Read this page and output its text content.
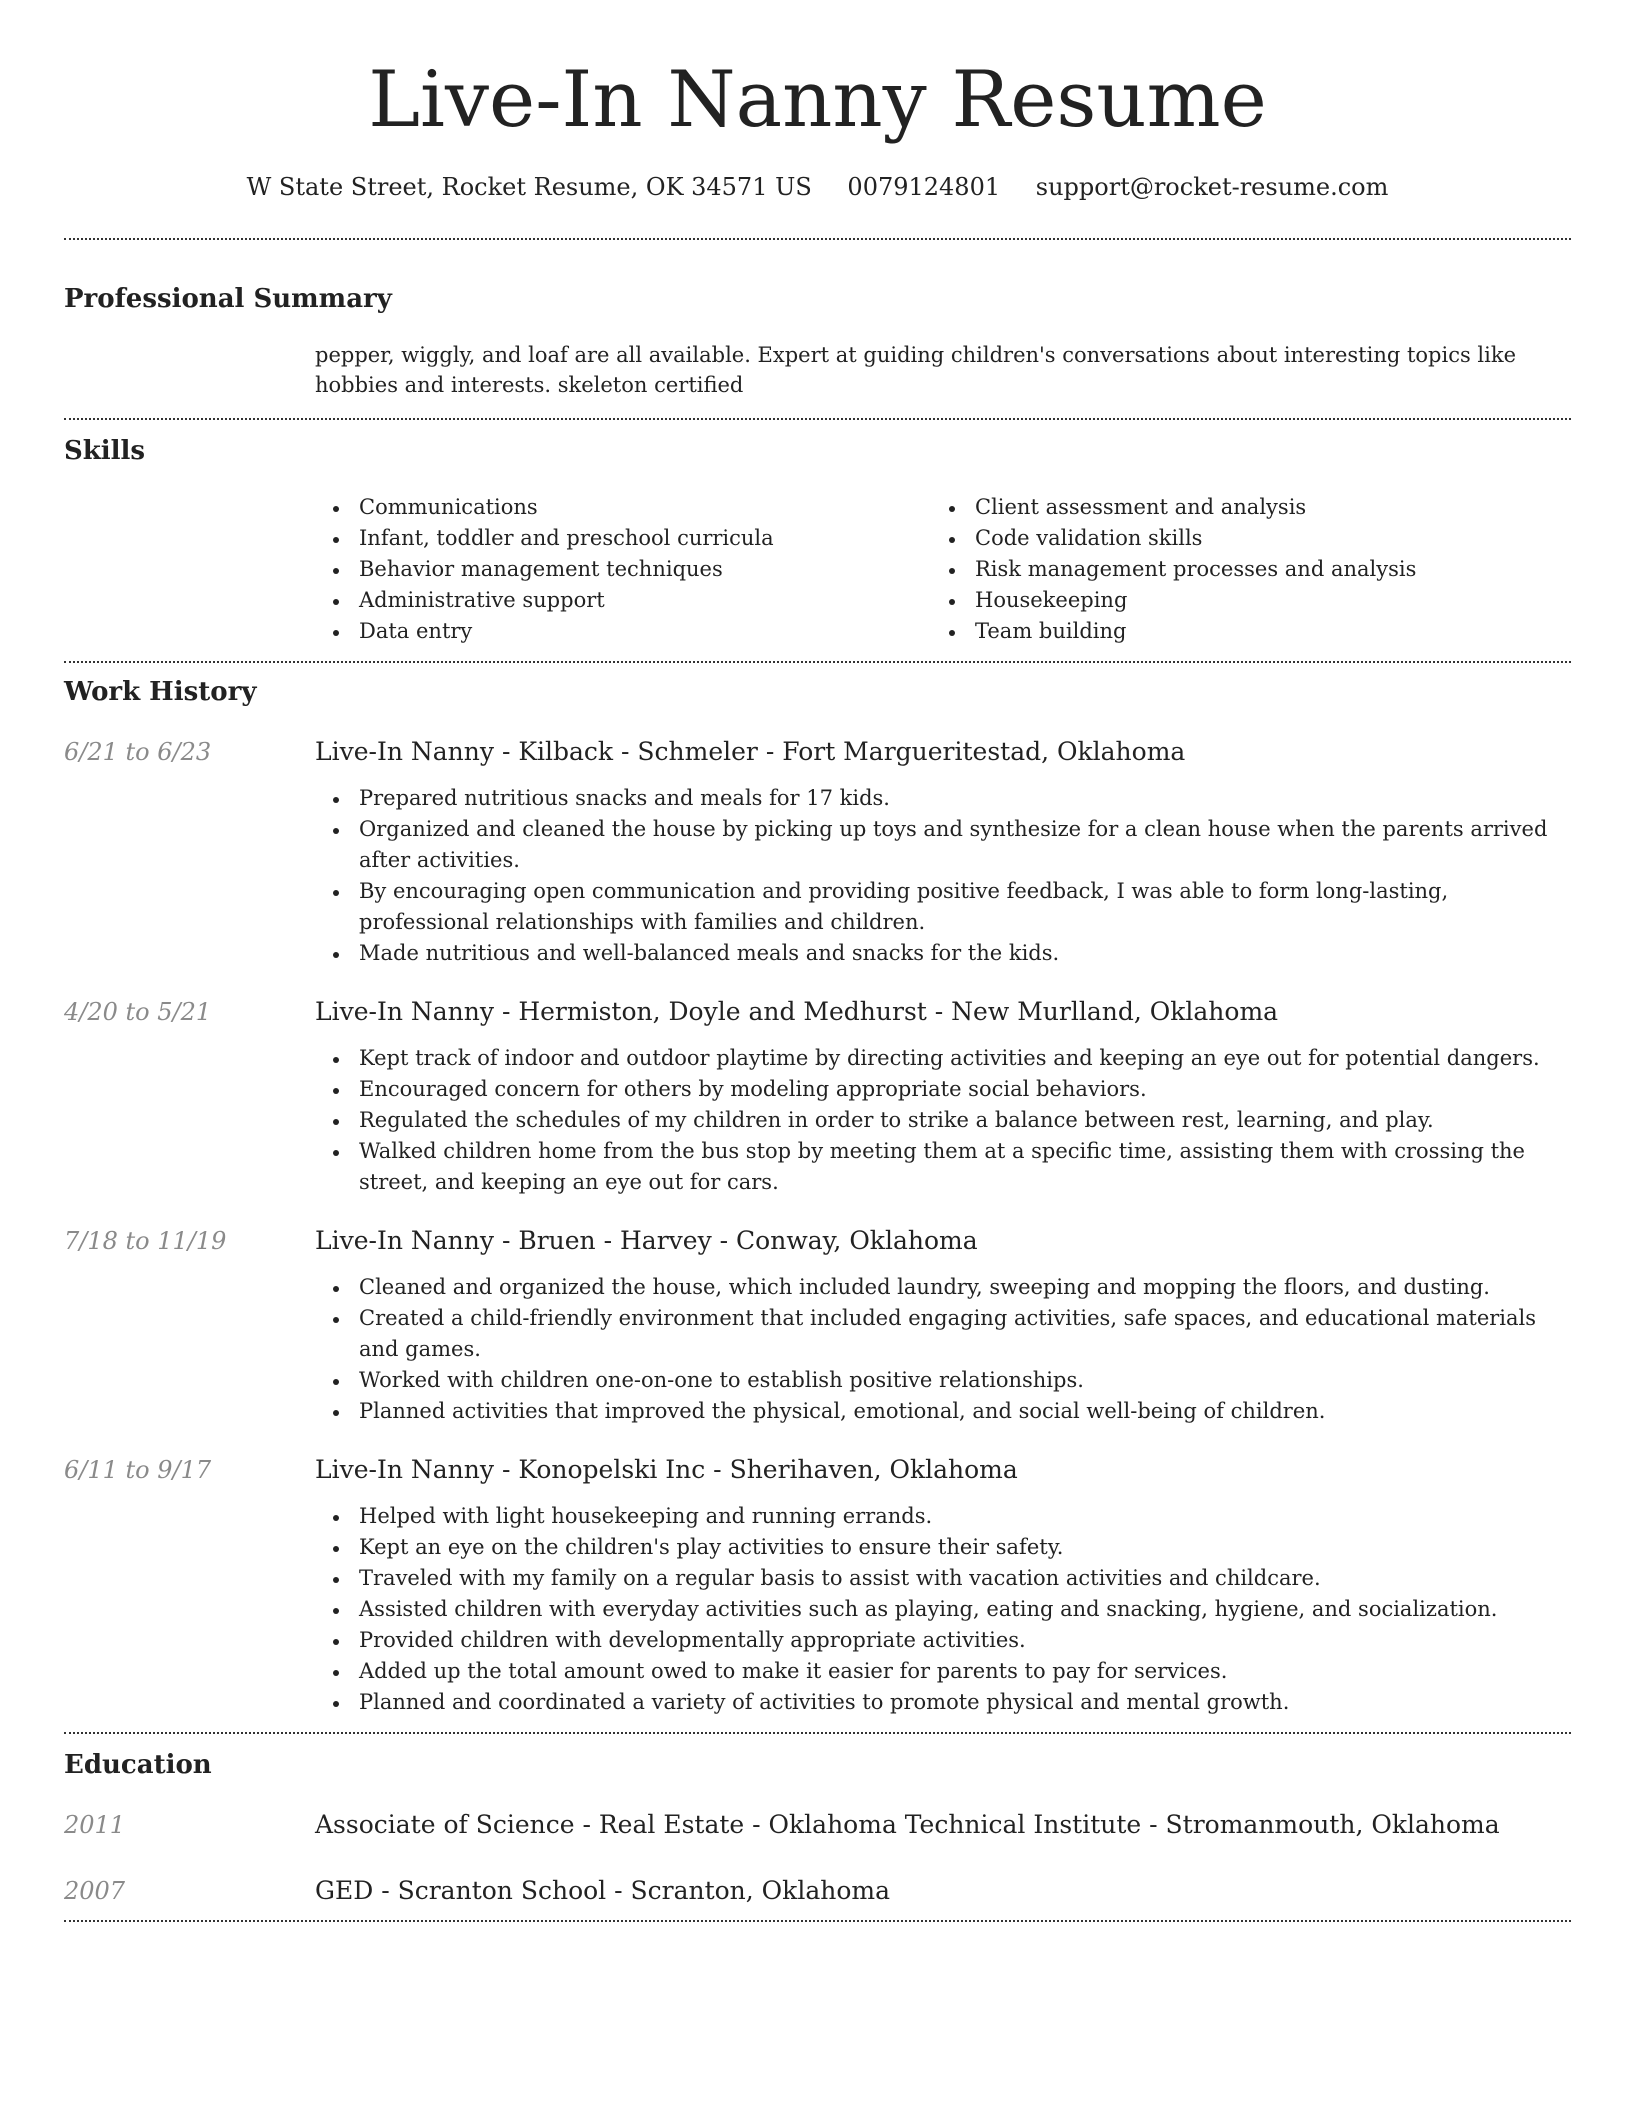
Live-In Nanny Resume
W State Street, Rocket Resume, OK 34571 US 0079124801 support@rocket-resume.com
Professional Summary

pepper, wiggly, and loaf are all available. Expert at guiding children's conversations about interesting topics like hobbies and interests. skeleton certified

Skills
Communications
Infant, toddler and preschool curricula
Behavior management techniques
Administrative support
Data entry
Client assessment and analysis
Code validation skills
Risk management processes and analysis
Housekeeping
Team building
Work History
6/21 to 6/23	Live-In Nanny - Kilback - Schmeler - Fort Margueritestad, Oklahoma
Prepared nutritious snacks and meals for 17 kids.
Organized and cleaned the house by picking up toys and synthesize for a clean house when the parents arrived after activities.
By encouraging open communication and providing positive feedback, I was able to form long-lasting, professional relationships with families and children.
Made nutritious and well-balanced meals and snacks for the kids.
4/20 to 5/21	Live-In Nanny - Hermiston, Doyle and Medhurst - New Murlland, Oklahoma
Kept track of indoor and outdoor playtime by directing activities and keeping an eye out for potential dangers.
Encouraged concern for others by modeling appropriate social behaviors.
Regulated the schedules of my children in order to strike a balance between rest, learning, and play.
Walked children home from the bus stop by meeting them at a specific time, assisting them with crossing the street, and keeping an eye out for cars.
7/18 to 11/19	Live-In Nanny - Bruen - Harvey - Conway, Oklahoma
Cleaned and organized the house, which included laundry, sweeping and mopping the floors, and dusting.
Created a child-friendly environment that included engaging activities, safe spaces, and educational materials and games.
Worked with children one-on-one to establish positive relationships.
Planned activities that improved the physical, emotional, and social well-being of children.
6/11 to 9/17	Live-In Nanny - Konopelski Inc - Sherihaven, Oklahoma
Helped with light housekeeping and running errands.
Kept an eye on the children's play activities to ensure their safety.
Traveled with my family on a regular basis to assist with vacation activities and childcare.
Assisted children with everyday activities such as playing, eating and snacking, hygiene, and socialization.
Provided children with developmentally appropriate activities.
Added up the total amount owed to make it easier for parents to pay for services.
Planned and coordinated a variety of activities to promote physical and mental growth.
Education
2011	Associate of Science - Real Estate - Oklahoma Technical Institute - Stromanmouth, Oklahoma
2007	GED - Scranton School - Scranton, Oklahoma
